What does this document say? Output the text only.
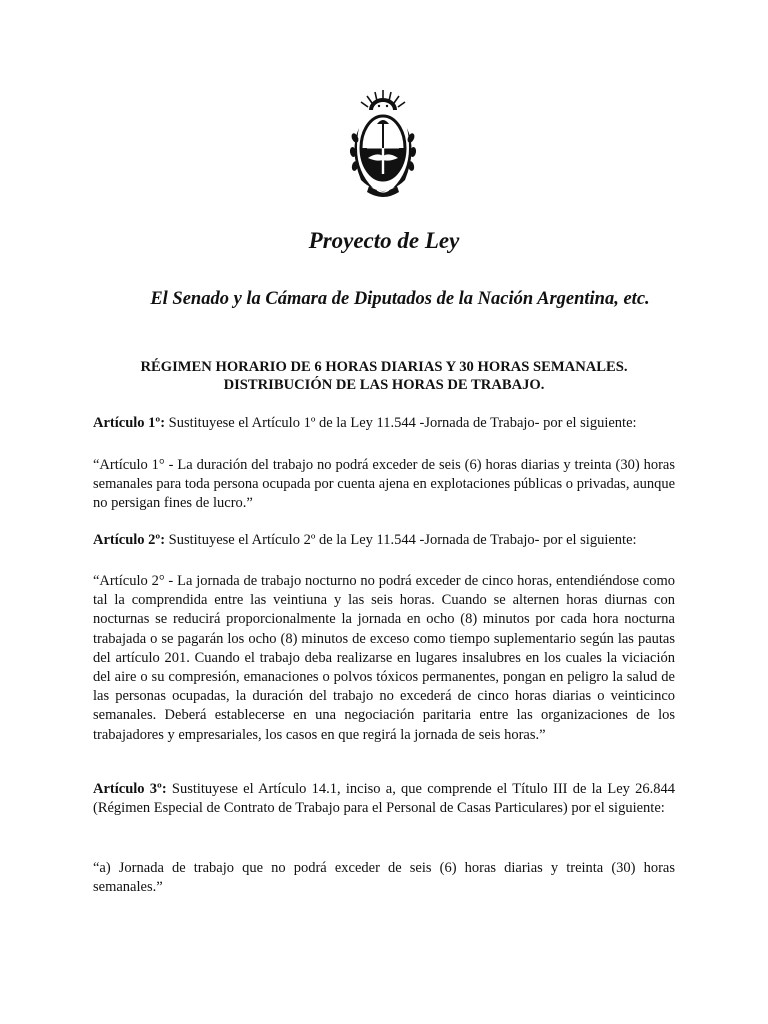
Proyecto de Ley

El Senado y la Cámara de Diputados de la Nación Argentina, etc.

RÉGIMEN HORARIO DE 6 HORAS DIARIAS Y 30 HORAS SEMANALES.
DISTRIBUCIÓN DE LAS HORAS DE TRABAJO.

Artículo 1º: Sustituyese el Artículo 1º de la Ley 11.544 -Jornada de Trabajo- por el siguiente:

“Artículo 1° - La duración del trabajo no podrá exceder de seis (6) horas diarias y treinta (30) horas semanales para toda persona ocupada por cuenta ajena en explotaciones públicas o privadas, aunque no persigan fines de lucro.”

Artículo 2º: Sustituyese el Artículo 2º de la Ley 11.544 -Jornada de Trabajo- por el siguiente:

“Artículo 2° - La jornada de trabajo nocturno no podrá exceder de cinco horas, entendiéndose como tal la comprendida entre las veintiuna y las seis horas. Cuando se alternen horas diurnas con nocturnas se reducirá proporcionalmente la jornada en ocho (8) minutos por cada hora nocturna trabajada o se pagarán los ocho (8) minutos de exceso como tiempo suplementario según las pautas del artículo 201. Cuando el trabajo deba realizarse en lugares insalubres en los cuales la viciación del aire o su compresión, emanaciones o polvos tóxicos permanentes, pongan en peligro la salud de las personas ocupadas, la duración del trabajo no excederá de cinco horas diarias o veinticinco semanales. Deberá establecerse en una negociación paritaria entre las organizaciones de los trabajadores y empresariales, los casos en que regirá la jornada de seis horas.”

Artículo 3º: Sustituyese el Artículo 14.1, inciso a, que comprende el Título III de la Ley 26.844 (Régimen Especial de Contrato de Trabajo para el Personal de Casas Particulares) por el siguiente:

“a) Jornada de trabajo que no podrá exceder de seis (6) horas diarias y treinta (30) horas semanales.”
